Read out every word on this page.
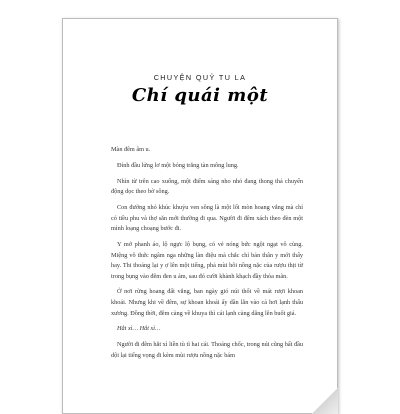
CHUYỆN QUỶ TU LA
Chí quái một

Màn đêm âm u.

Đỉnh đầu lửng lơ một bóng trăng tàn mông lung.

Nhìn từ trên cao xuống, một điểm sáng nho nhỏ đang thong thả chuyển động dọc theo bờ sông.

Con đường nhỏ khúc khuỷu ven sông là một lối mòn hoang vắng mà chỉ có tiều phu và thợ săn mới thường đi qua. Người đi đêm xách theo đèn một mình loạng choạng bước đi.

Y mở phanh áo, lộ ngực lộ bụng, có vẻ nóng bức ngột ngạt vô cùng. Miệng vô thức ngâm nga những làn điệu mà chắc chỉ bản thân y mới thấy hay. Thi thoảng lại y ợ lên một tiếng, phả mùi hôi nồng nặc của rượu thịt từ trong bụng vào đêm đen u ám, sau đó cười khành khạch đầy thỏa mãn.

Ở nơi rừng hoang đất vắng, ban ngày gió núi thổi về mát rượi khoan khoái. Nhưng khi về đêm, sự khoan khoái ấy dần lẫn vào cả hơi lạnh thấu xương. Đồng thời, đêm càng về khuya thì cái lạnh càng dâng lên buốt giá.

Hắt xì… Hắt xì…

Người đi đêm hắt xì liền tù tì hai cái. Thoáng chốc, trong núi cũng bất đầu dội lại tiếng vọng đi kèm mùi rượu nồng nặc bám
